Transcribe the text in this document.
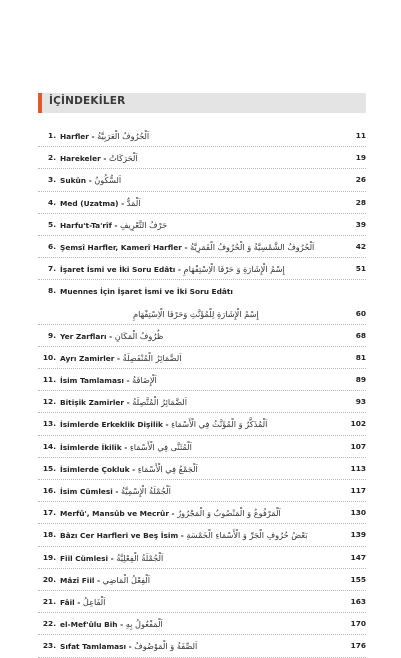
İÇİNDEKİLER
1. Harfler - اَلْحُرُوفُ الْعَرَبِيَّةُ	11
2. Harekeler - اَلْحَرَكَاتُ	19
3. Sukûn - اَلسُّكُونُ	26
4. Med (Uzatma) - اَلْمَدُّ	28
5. Harfu't-Ta'rîf - حَرْفُ التَّعْرِيفِ	39
6. Şemsî Harfler, Kamerî Harfler - اَلْحُرُوفُ الشَّمْسِيَّةُ وَ الْحُرُوفُ الْقَمَرِيَّةُ	42
7. İşaret İsmi ve İki Soru Edâtı - إِسْمُ الْإِشَارَةِ وَ حَرْفَا الْاِسْتِفْهَامِ	51
8. Muennes İçin İşaret İsmi ve İki Soru Edâtı
إِسْمُ الْإِشَارَةِ لِلْمُؤَنَّثِ وَحَرْفَا الْاِسْتِفْهَامِ	60
9. Yer Zarfları - ظُرُوفُ الْمَكَانِ	68
10. Ayrı Zamirler - اَلضَّمَائِرُ الْمُنْفَصِلَةُ	81
11. İsim Tamlaması - اَلْإِضَافَةُ	89
12. Bitişik Zamirler - اَلضَّمَائِرُ الْمُتَّصِلَةُ	93
13. İsimlerde Erkeklik Dişilik - اَلْمُذَكَّرُ وَ الْمُؤَنَّثُ فِي الْأَسْمَاءِ	102
14. İsimlerde İkilik - اَلْمُثَنَّى فِي الْأَسْمَاءِ	107
15. İsimlerde Çokluk - اَلْجَمْعُ فِي الْأَسْمَاءِ	113
16. İsim Cümlesi - اَلْجُمْلَةُ الْإِسْمِيَّةُ	117
17. Merfû', Mansûb ve Mecrûr - اَلْمَرْفُوعُ وَ الْمَنْصُوبُ وَ الْمَجْرُورُ	130
18. Bâzı Cer Harfleri ve Beş İsim - بَعْضُ حُرُوفِ الْجَرِّ وَ الْأَسْمَاءِ الْخَمْسَةِ	139
19. Fiil Cümlesi - اَلْجُمْلَةُ الْفِعْلِيَّةُ	147
20. Mâzî Fiil - اَلْفِعْلُ الْمَاضِي	155
21. Fâil - اَلْفَاعِلُ	163
22. el-Mef'ûlu Bih - اَلْمَفْعُولُ بِهِ	170
23. Sıfat Tamlaması - اَلصِّفَةُ وَ الْمَوْصُوفُ	176
